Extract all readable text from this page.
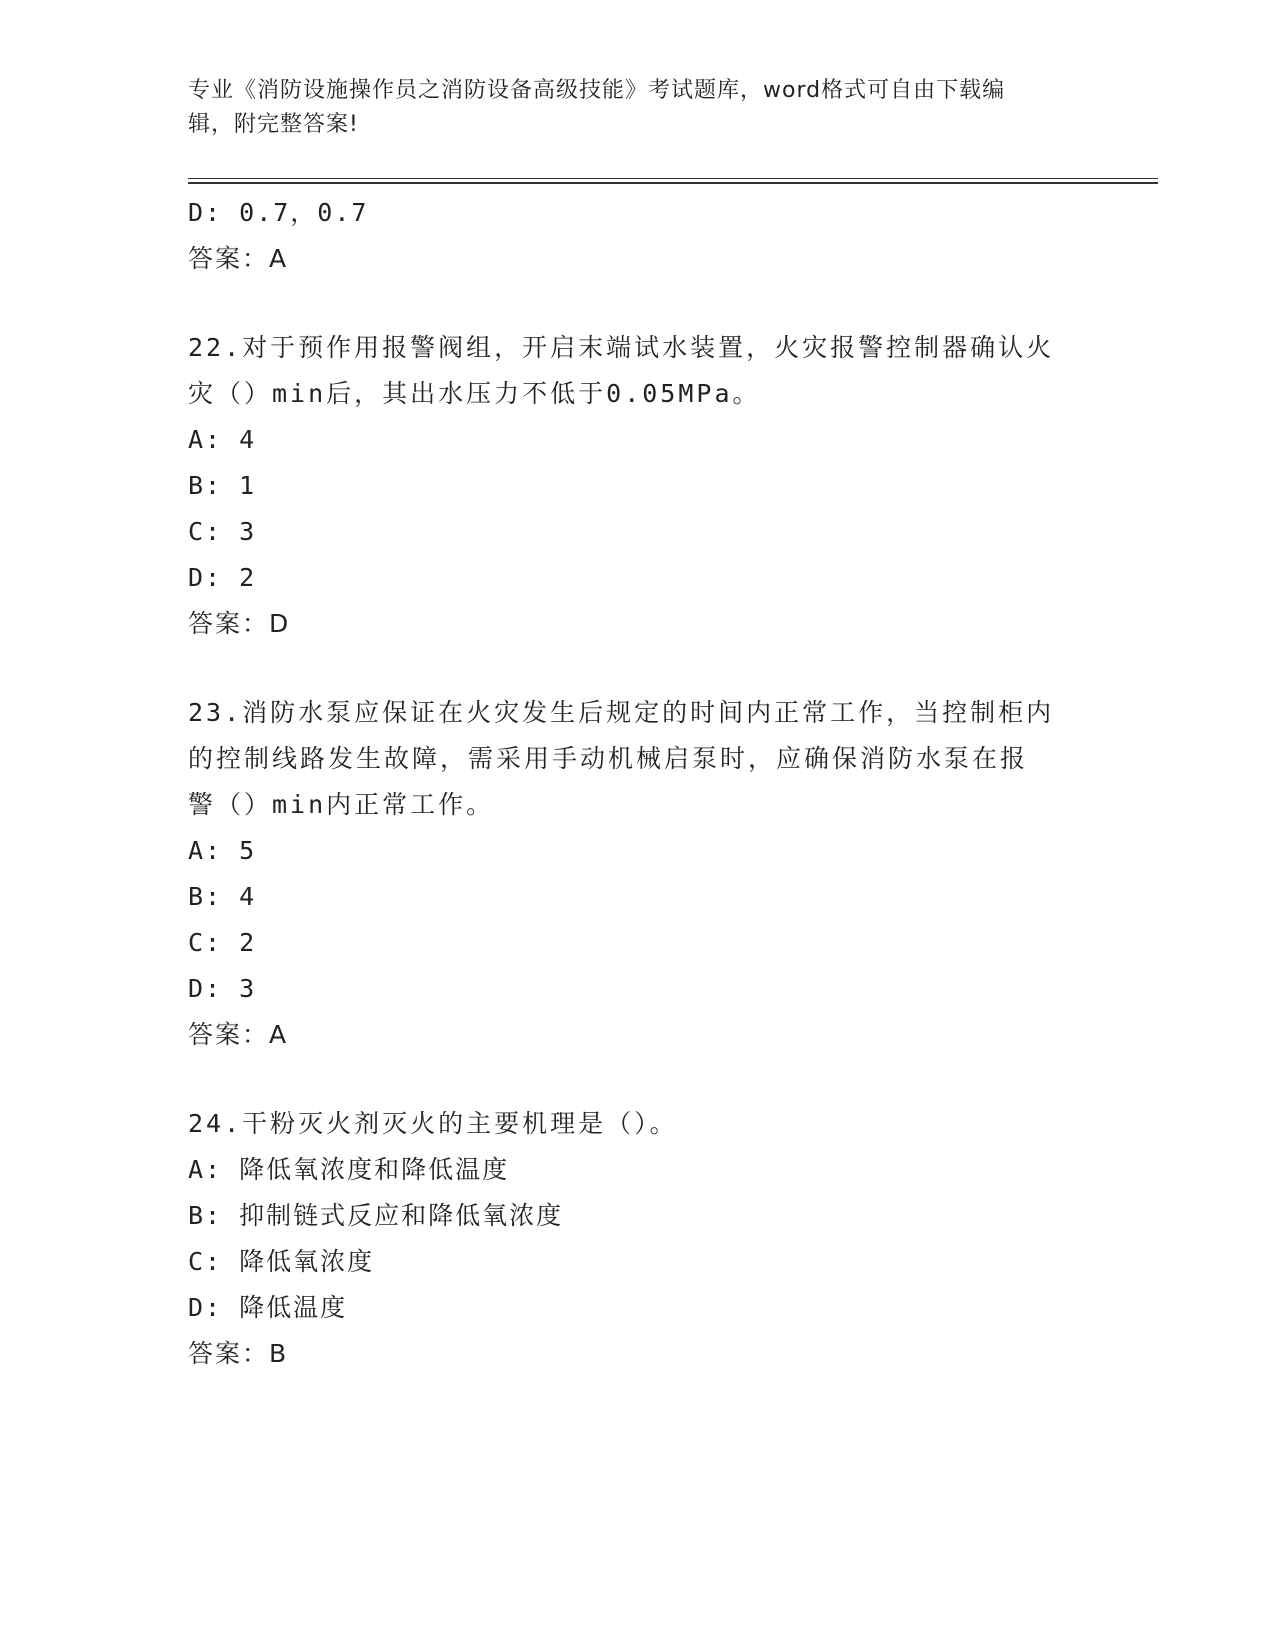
专业《消防设施操作员之消防设备高级技能》考试题库，word格式可自由下载编
辑，附完整答案!
D: 0.7，0.7
答案：A
22.对于预作用报警阀组，开启末端试水装置，火灾报警控制器确认火
灾（）min后，其出水压力不低于0.05MPa。
A: 4
B: 1
C: 3
D: 2
答案：D
23.消防水泵应保证在火灾发生后规定的时间内正常工作，当控制柜内
的控制线路发生故障，需采用手动机械启泵时，应确保消防水泵在报
警（）min内正常工作。
A: 5
B: 4
C: 2
D: 3
答案：A
24.干粉灭火剂灭火的主要机理是（）。
A: 降低氧浓度和降低温度
B: 抑制链式反应和降低氧浓度
C: 降低氧浓度
D: 降低温度
答案：B
